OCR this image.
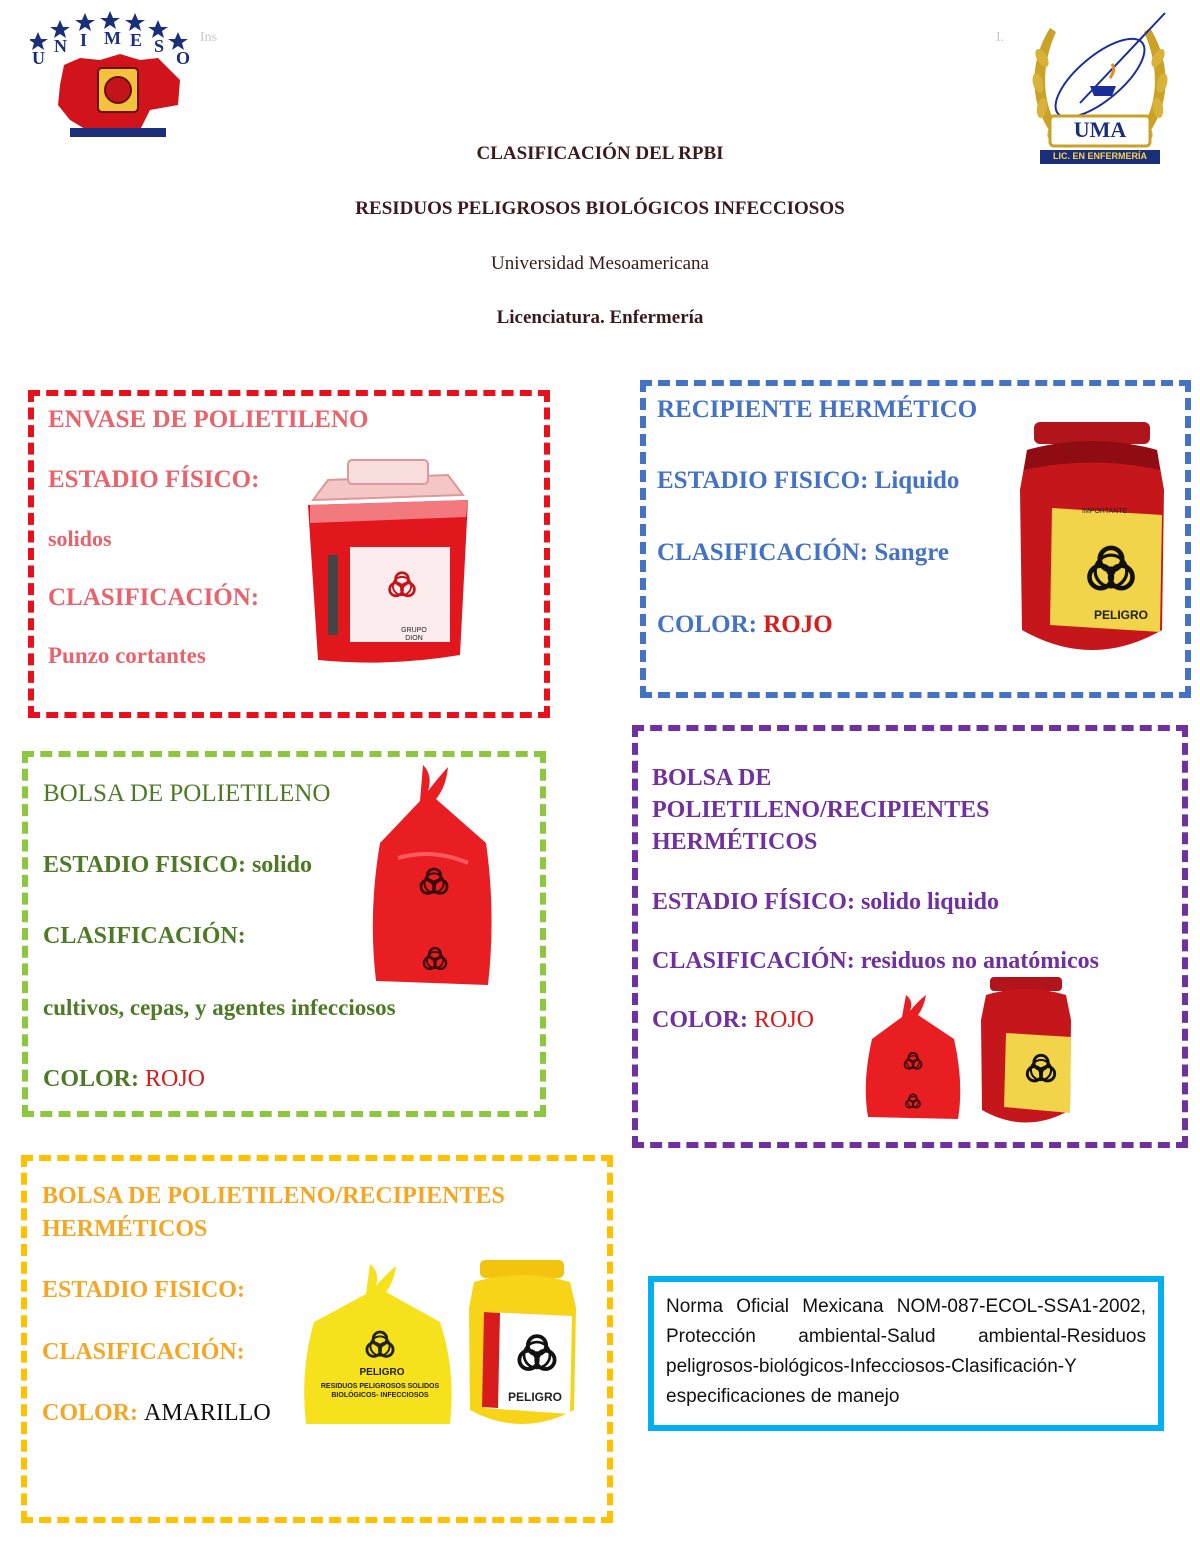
U
N I M E S
O
Ins	I.
UMA
LIC. EN ENFERMERÍA
CLASIFICACIÓN DEL RPBI
RESIDUOS PELIGROSOS BIOLÓGICOS INFECCIOSOS
Universidad Mesoamericana
Licenciatura. Enfermería
ENVASE DE POLIETILENO
ESTADIO FÍSICO:
solidos
CLASIFICACIÓN:
Punzo cortantes
GRUPO DION
RECIPIENTE HERMÉTICO
ESTADIO FISICO: Liquido
CLASIFICACIÓN: Sangre
COLOR: ROJO
IMPORTANTE
PELIGRO
BOLSA DE POLIETILENO
ESTADIO FISICO: solido
CLASIFICACIÓN:
cultivos, cepas, y agentes infecciosos
COLOR: ROJO
BOLSA DE
POLIETILENO/RECIPIENTES
HERMÉTICOS
ESTADIO FÍSICO: solido liquido
CLASIFICACIÓN: residuos no anatómicos
COLOR: ROJO
BOLSA DE POLIETILENO/RECIPIENTES
HERMÉTICOS
ESTADIO FISICO:
CLASIFICACIÓN:
COLOR: AMARILLO
PELIGRO
RESIDUOS PELIGROSOS SOLIDOS BIOLÓGICOS- INFECCIOSOS	PELIGRO
Norma Oficial Mexicana NOM-087-ECOL-SSA1-2002, Protección ambiental-Salud ambiental-Residuos peligrosos-biológicos-Infecciosos-Clasificación-Y especificaciones de manejo
